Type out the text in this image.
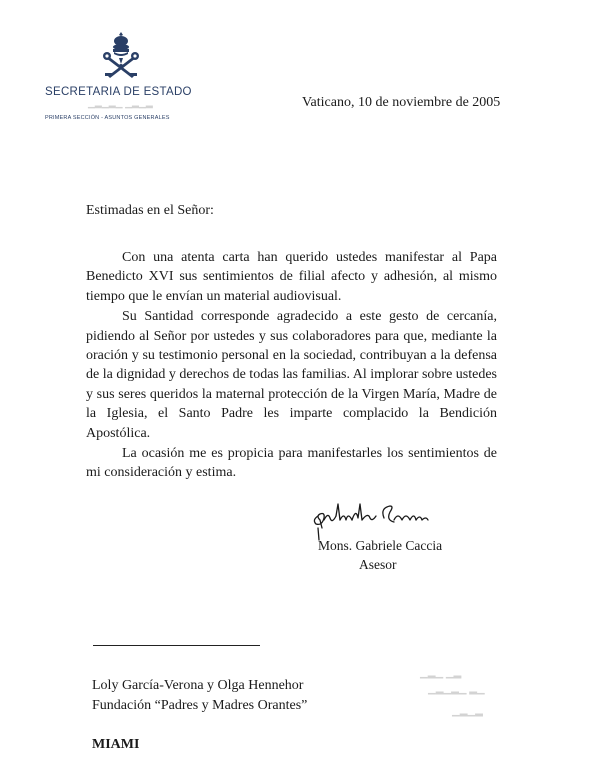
SECRETARIA DE ESTADO
▁▂▁▂▁ ▁▂▁▂
PRIMERA SECCIÓN - ASUNTOS GENERALES
Vaticano, 10 de noviembre de 2005
Estimadas en el Señor:

Con una atenta carta han querido ustedes manifestar al Papa Benedicto XVI sus sentimientos de filial afecto y adhesión, al mismo tiempo que le envían un material audiovisual.

Su Santidad corresponde agradecido a este gesto de cercanía, pidiendo al Señor por ustedes y sus colaboradores para que, mediante la oración y su testimonio personal en la sociedad, contribuyan a la defensa de la dignidad y derechos de todas las familias. Al implorar sobre ustedes y sus seres queridos la maternal protección de la Virgen María, Madre de la Iglesia, el Santo Padre les imparte complacido la Bendición Apostólica.

La ocasión me es propicia para manifestarles los sentimientos de mi consideración y estima.

Mons. Gabriele Caccia
Asesor
▁▂▁ ▁▂
▁▂▁▂▁ ▂▁
▁▂▁▂
Loly García-Verona y Olga Hennehor
Fundación “Padres y Madres Orantes”
MIAMI
